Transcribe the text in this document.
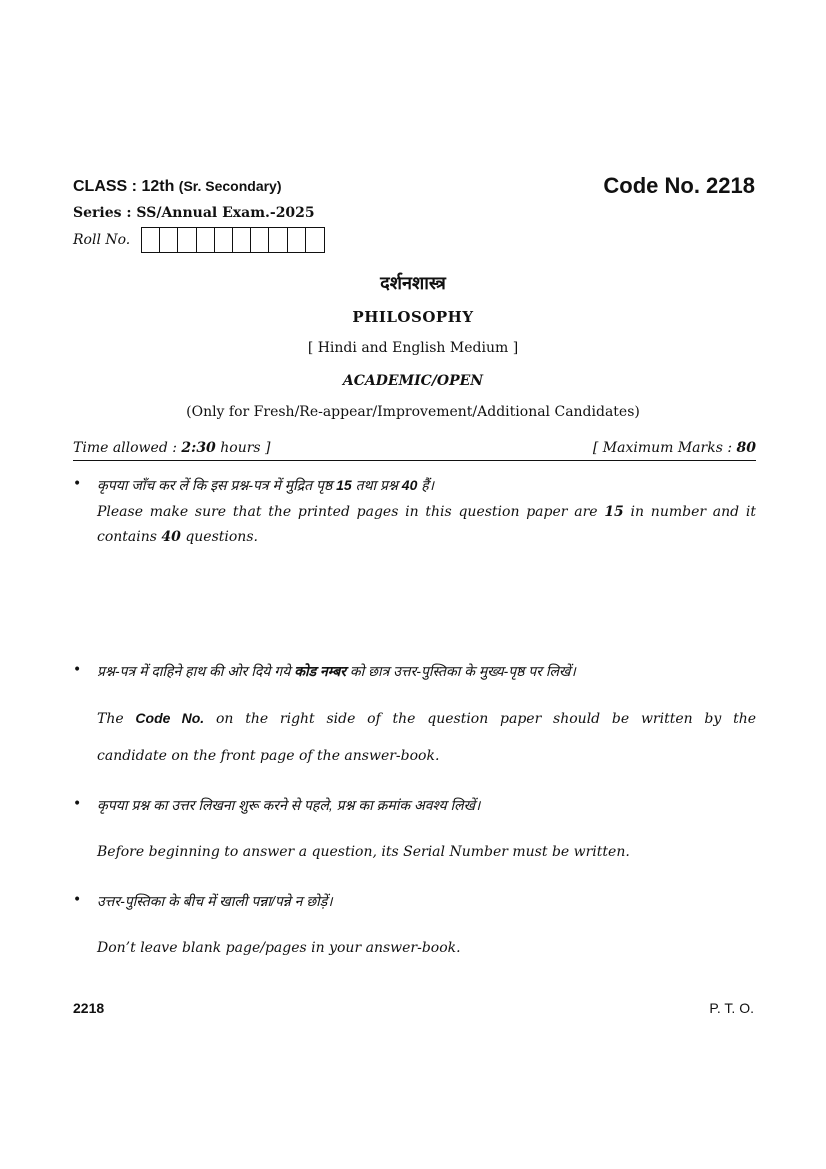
CLASS : 12th (Sr. Secondary)	Code No. 2218
Series : SS/Annual Exam.-2025
Roll No.
दर्शनशास्त्र
PHILOSOPHY
[ Hindi and English Medium ]
ACADEMIC/OPEN
(Only for Fresh/Re-appear/Improvement/Additional Candidates)
Time allowed : 2:30 hours ]	[ Maximum Marks : 80
• कृपया जाँच कर लें कि इस प्रश्न-पत्र में मुद्रित पृष्ठ 15 तथा प्रश्न 40 हैं।
Please make sure that the printed pages in this question paper are 15 in number and it contains 40 questions.
• प्रश्न-पत्र में दाहिने हाथ की ओर दिये गये कोड नम्बर को छात्र उत्तर-पुस्तिका के मुख्य-पृष्ठ पर लिखें।
The Code No. on the right side of the question paper should be written by the
candidate on the front page of the answer-book.
• कृपया प्रश्न का उत्तर लिखना शुरू करने से पहले, प्रश्न का क्रमांक अवश्य लिखें।
Before beginning to answer a question, its Serial Number must be written.
• उत्तर-पुस्तिका के बीच में खाली पन्ना/पन्ने न छोड़ें।
Don’t leave blank page/pages in your answer-book.
2218	P. T. O.
